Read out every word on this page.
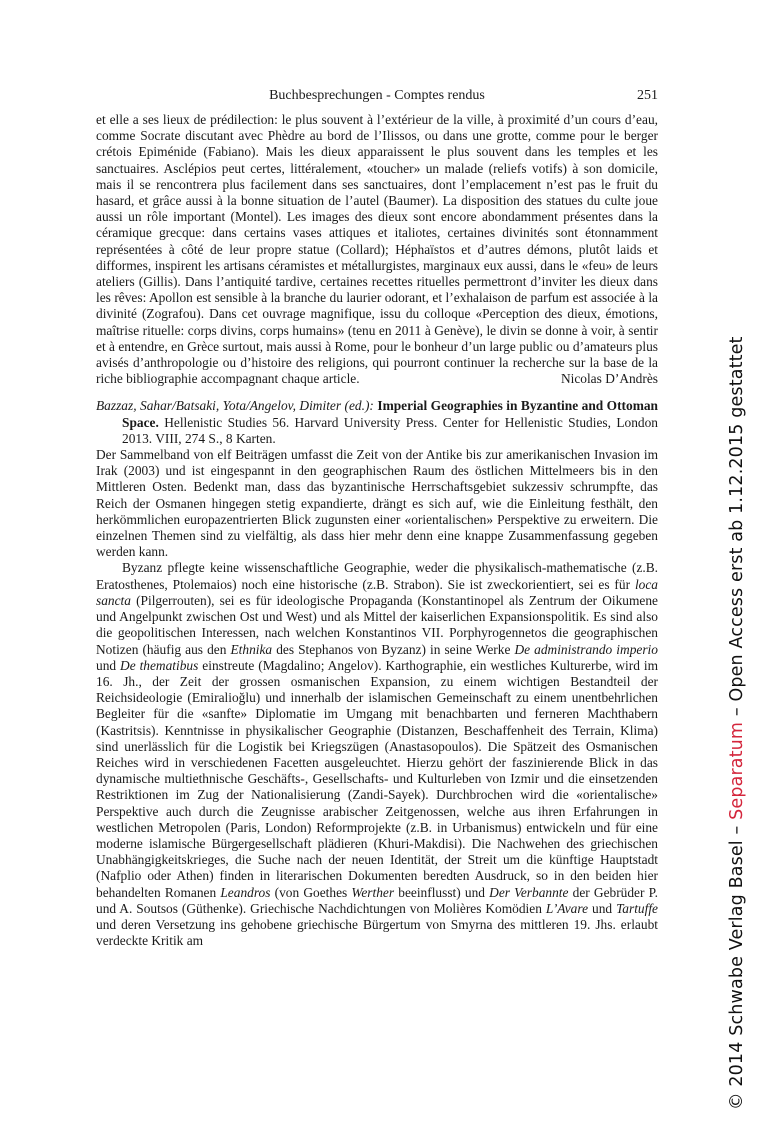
Buchbesprechungen - Comptes rendus	251

et elle a ses lieux de prédilection: le plus souvent à l’extérieur de la ville, à proximité d’un cours d’eau, comme Socrate discutant avec Phèdre au bord de l’Ilissos, ou dans une grotte, comme pour le berger crétois Epiménide (Fabiano). Mais les dieux apparaissent le plus souvent dans les temples et les sanctuaires. Asclépios peut certes, littéralement, «toucher» un malade (reliefs votifs) à son domicile, mais il se rencontrera plus facilement dans ses sanctuaires, dont l’emplacement n’est pas le fruit du hasard, et grâce aussi à la bonne situation de l’autel (Baumer). La disposition des statues du culte joue aussi un rôle important (Montel). Les images des dieux sont encore abondamment présentes dans la céramique grecque: dans certains vases attiques et italiotes, certaines divinités sont étonnamment représentées à côté de leur propre statue (Collard); Héphaïstos et d’autres démons, plutôt laids et difformes, inspirent les artisans céramistes et métallurgistes, marginaux eux aussi, dans le «feu» de leurs ateliers (Gillis). Dans l’antiquité tardive, certaines recettes rituelles permettront d’inviter les dieux dans les rêves: Apollon est sensible à la branche du laurier odorant, et l’exhalaison de parfum est associée à la divinité (Zografou). Dans cet ouvrage magnifique, issu du colloque «Perception des dieux, émotions, maîtrise rituelle: corps divins, corps humains» (tenu en 2011 à Genève), le divin se donne à voir, à sentir et à entendre, en Grèce surtout, mais aussi à Rome, pour le bonheur d’un large public ou d’amateurs plus avisés d’anthropologie ou d’histoire des religions, qui pourront continuer la recherche sur la base de la riche bibliographie accompagnant chaque article.	Nicolas D’Andrès

Bazzaz, Sahar/Batsaki, Yota/Angelov, Dimiter (ed.): Imperial Geographies in Byzantine and Ottoman Space. Hellenistic Studies 56. Harvard University Press. Center for Hellenistic Studies, London 2013. VIII, 274 S., 8 Karten.

Der Sammelband von elf Beiträgen umfasst die Zeit von der Antike bis zur amerikanischen Invasion im Irak (2003) und ist eingespannt in den geographischen Raum des östlichen Mittelmeers bis in den Mittleren Osten. Bedenkt man, dass das byzantinische Herrschaftsgebiet sukzessiv schrumpfte, das Reich der Osmanen hingegen stetig expandierte, drängt es sich auf, wie die Einleitung festhält, den herkömmlichen europazentrierten Blick zugunsten einer «orientalischen» Perspektive zu erweitern. Die einzelnen Themen sind zu vielfältig, als dass hier mehr denn eine knappe Zusammenfassung gegeben werden kann.

Byzanz pflegte keine wissenschaftliche Geographie, weder die physikalisch-mathematische (z.B. Eratosthenes, Ptolemaios) noch eine historische (z.B. Strabon). Sie ist zweckorientiert, sei es für loca sancta (Pilgerrouten), sei es für ideologische Propaganda (Konstantinopel als Zentrum der Oikumene und Angelpunkt zwischen Ost und West) und als Mittel der kaiserlichen Expansionspolitik. Es sind also die geopolitischen Interessen, nach welchen Konstantinos VII. Porphyrogennetos die geographischen Notizen (häufig aus den Ethnika des Stephanos von Byzanz) in seine Werke De administrando imperio und De thematibus einstreute (Magdalino; Angelov). Karthographie, ein westliches Kulturerbe, wird im 16. Jh., der Zeit der grossen osmanischen Expansion, zu einem wichtigen Bestandteil der Reichsideologie (Emiralioğlu) und innerhalb der islamischen Gemeinschaft zu einem unentbehrlichen Begleiter für die «sanfte» Diplomatie im Umgang mit benachbarten und ferneren Machthabern (Kastritsis). Kenntnisse in physikalischer Geographie (Distanzen, Beschaffenheit des Terrain, Klima) sind unerlässlich für die Logistik bei Kriegszügen (Anastasopoulos). Die Spätzeit des Osmanischen Reiches wird in verschiedenen Facetten ausgeleuchtet. Hierzu gehört der faszinierende Blick in das dynamische multiethnische Geschäfts-, Gesellschafts- und Kulturleben von Izmir und die einsetzenden Restriktionen im Zug der Nationalisierung (Zandi-Sayek). Durchbrochen wird die «orientalische» Perspektive auch durch die Zeugnisse arabischer Zeitgenossen, welche aus ihren Erfahrungen in westlichen Metropolen (Paris, London) Reformprojekte (z.B. in Urbanismus) entwickeln und für eine moderne islamische Bürgergesellschaft plädieren (Khuri-Makdisi). Die Nachwehen des griechischen Unabhängigkeitskrieges, die Suche nach der neuen Identität, der Streit um die künftige Hauptstadt (Nafplio oder Athen) finden in literarischen Dokumenten beredten Ausdruck, so in den beiden hier behandelten Romanen Leandros (von Goethes Werther beeinflusst) und Der Verbannte der Gebrüder P. und A. Soutsos (Güthenke). Griechische Nachdichtungen von Molières Komödien L’Avare und Tartuffe und deren Versetzung ins gehobene griechische Bürgertum von Smyrna des mittleren 19. Jhs. erlaubt verdeckte Kritik am	© 2014 Schwabe Verlag Basel – Separatum – Open Access erst ab 1.12.2015 gestattet
